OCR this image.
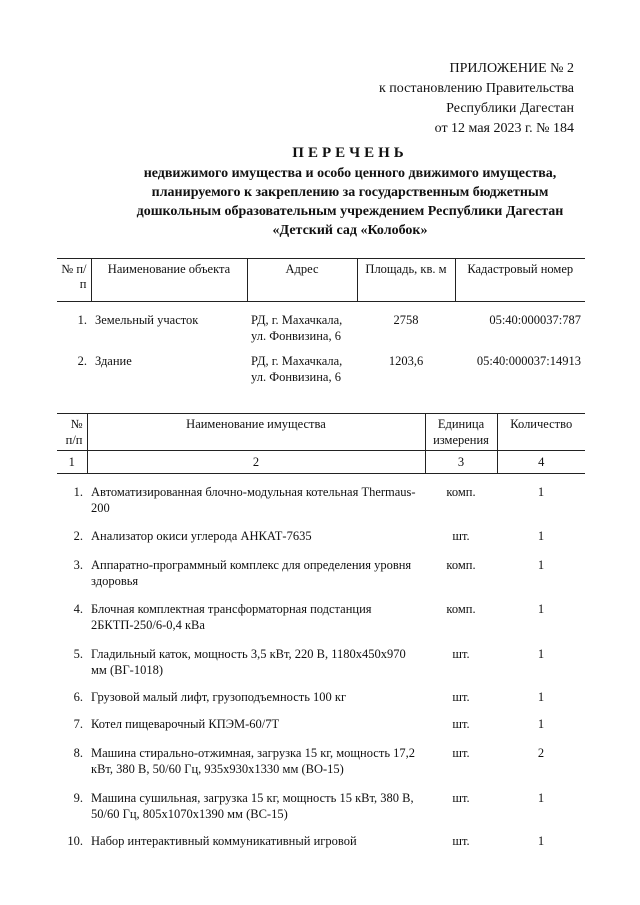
ПРИЛОЖЕНИЕ № 2
к постановлению Правительства
Республики Дагестан
от 12 мая 2023 г. № 184
ПЕРЕЧЕНЬ
недвижимого имущества и особо ценного движимого имущества,
планируемого к закреплению за государственным бюджетным
дошкольным образовательным учреждением Республики Дагестан
«Детский сад «Колобок»
№ п/п	Наименование объекта	Адрес	Площадь, кв. м	Кадастровый номер
1.	Земельный участок	РД, г. Махачкала, ул. Фонвизина, 6	2758	05:40:000037:787
2.	Здание	РД, г. Махачкала, ул. Фонвизина, 6	1203,6	05:40:000037:14913
№ п/п	Наименование имущества	Единица измерения	Количество
1	2	3	4
1.	Автоматизированная блочно-модульная котельная Thermaus-200	комп.	1
2.	Анализатор окиси углерода АНКАТ-7635	шт.	1
3.	Аппаратно-программный комплекс для определения уровня здоровья	комп.	1
4.	Блочная комплектная трансформаторная подстанция 2БКТП-250/6-0,4 кВа	комп.	1
5.	Гладильный каток, мощность 3,5 кВт, 220 В, 1180х450х970 мм (ВГ-1018)	шт.	1
6.	Грузовой малый лифт, грузоподъемность 100 кг	шт.	1
7.	Котел пищеварочный КПЭМ-60/7Т	шт.	1
8.	Машина стирально-отжимная, загрузка 15 кг, мощность 17,2 кВт, 380 В, 50/60 Гц, 935х930х1330 мм (ВО-15)	шт.	2
9.	Машина сушильная, загрузка 15 кг, мощность 15 кВт, 380 В, 50/60 Гц, 805х1070х1390 мм (ВС-15)	шт.	1
10.	Набор интерактивный коммуникативный игровой	шт.	1
